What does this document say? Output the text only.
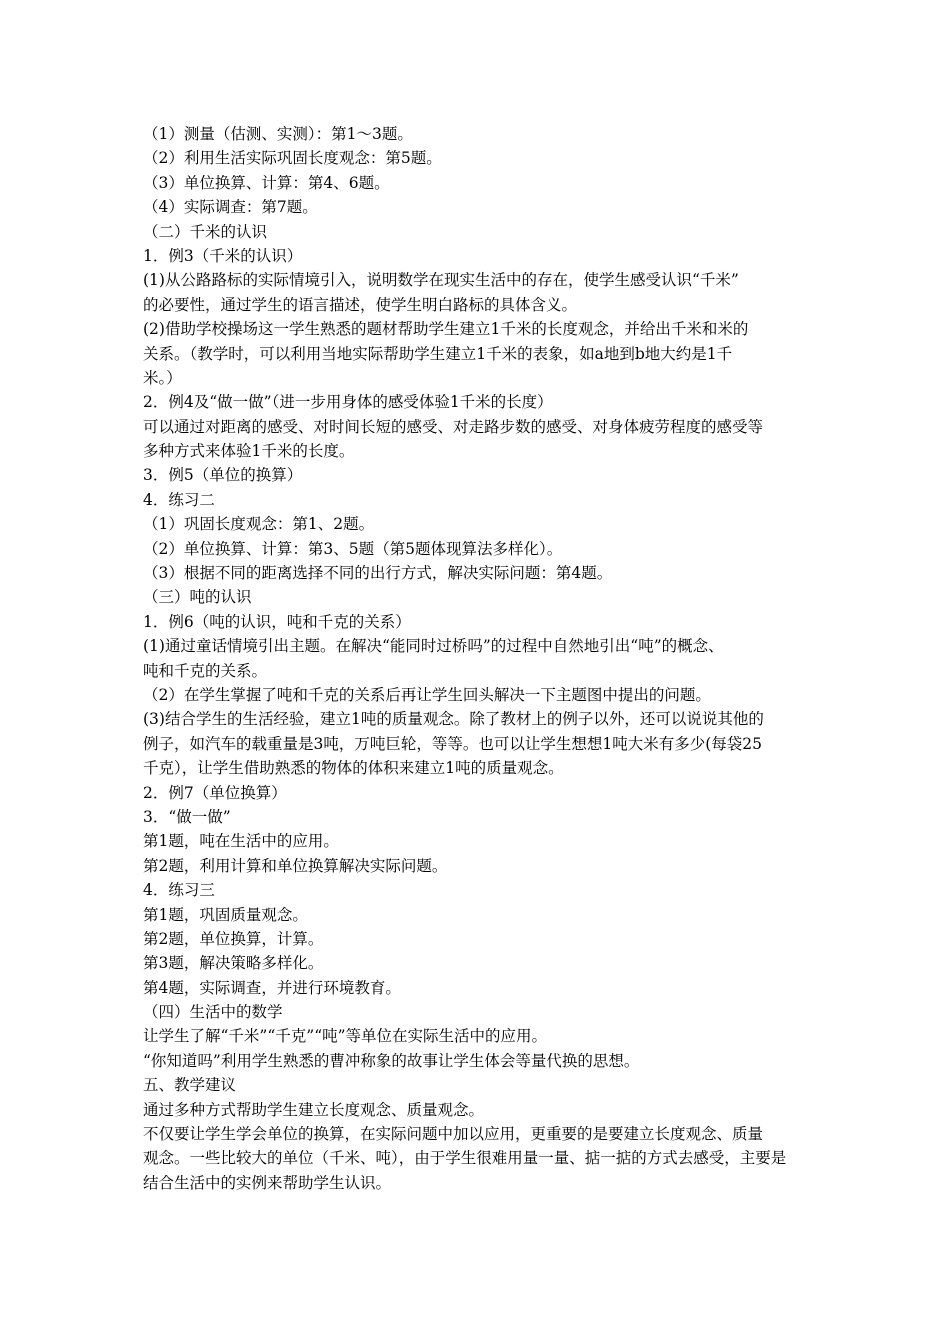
（1）测量（估测、实测）：第1～3题。
（2）利用生活实际巩固长度观念：第5题。
（3）单位换算、计算：第4、6题。
（4）实际调查：第7题。
（二）千米的认识
1．例3（千米的认识）
(1)从公路路标的实际情境引入，说明数学在现实生活中的存在，使学生感受认识“千米”
的必要性，通过学生的语言描述，使学生明白路标的具体含义。
(2)借助学校操场这一学生熟悉的题材帮助学生建立1千米的长度观念，并给出千米和米的
关系。（教学时，可以利用当地实际帮助学生建立1千米的表象，如a地到b地大约是1千
米。）
2．例4及“做一做”（进一步用身体的感受体验1千米的长度）
可以通过对距离的感受、对时间长短的感受、对走路步数的感受、对身体疲劳程度的感受等
多种方式来体验1千米的长度。
3．例5（单位的换算）
4．练习二
（1）巩固长度观念：第1、2题。
（2）单位换算、计算：第3、5题（第5题体现算法多样化）。
（3）根据不同的距离选择不同的出行方式，解决实际问题：第4题。
（三）吨的认识
1．例6（吨的认识，吨和千克的关系）
(1)通过童话情境引出主题。在解决“能同时过桥吗”的过程中自然地引出“吨”的概念、
吨和千克的关系。
（2）在学生掌握了吨和千克的关系后再让学生回头解决一下主题图中提出的问题。
(3)结合学生的生活经验，建立1吨的质量观念。除了教材上的例子以外，还可以说说其他的
例子，如汽车的载重量是3吨，万吨巨轮，等等。也可以让学生想想1吨大米有多少(每袋25
千克），让学生借助熟悉的物体的体积来建立1吨的质量观念。
2．例7（单位换算）
3．“做一做”
第1题，吨在生活中的应用。
第2题，利用计算和单位换算解决实际问题。
4．练习三
第1题，巩固质量观念。
第2题，单位换算，计算。
第3题，解决策略多样化。
第4题，实际调查，并进行环境教育。
（四）生活中的数学
让学生了解“千米”“千克”“吨”等单位在实际生活中的应用。
“你知道吗”利用学生熟悉的曹冲称象的故事让学生体会等量代换的思想。
五、教学建议
通过多种方式帮助学生建立长度观念、质量观念。
不仅要让学生学会单位的换算，在实际问题中加以应用，更重要的是要建立长度观念、质量
观念。一些比较大的单位（千米、吨），由于学生很难用量一量、掂一掂的方式去感受，主要是
结合生活中的实例来帮助学生认识。
